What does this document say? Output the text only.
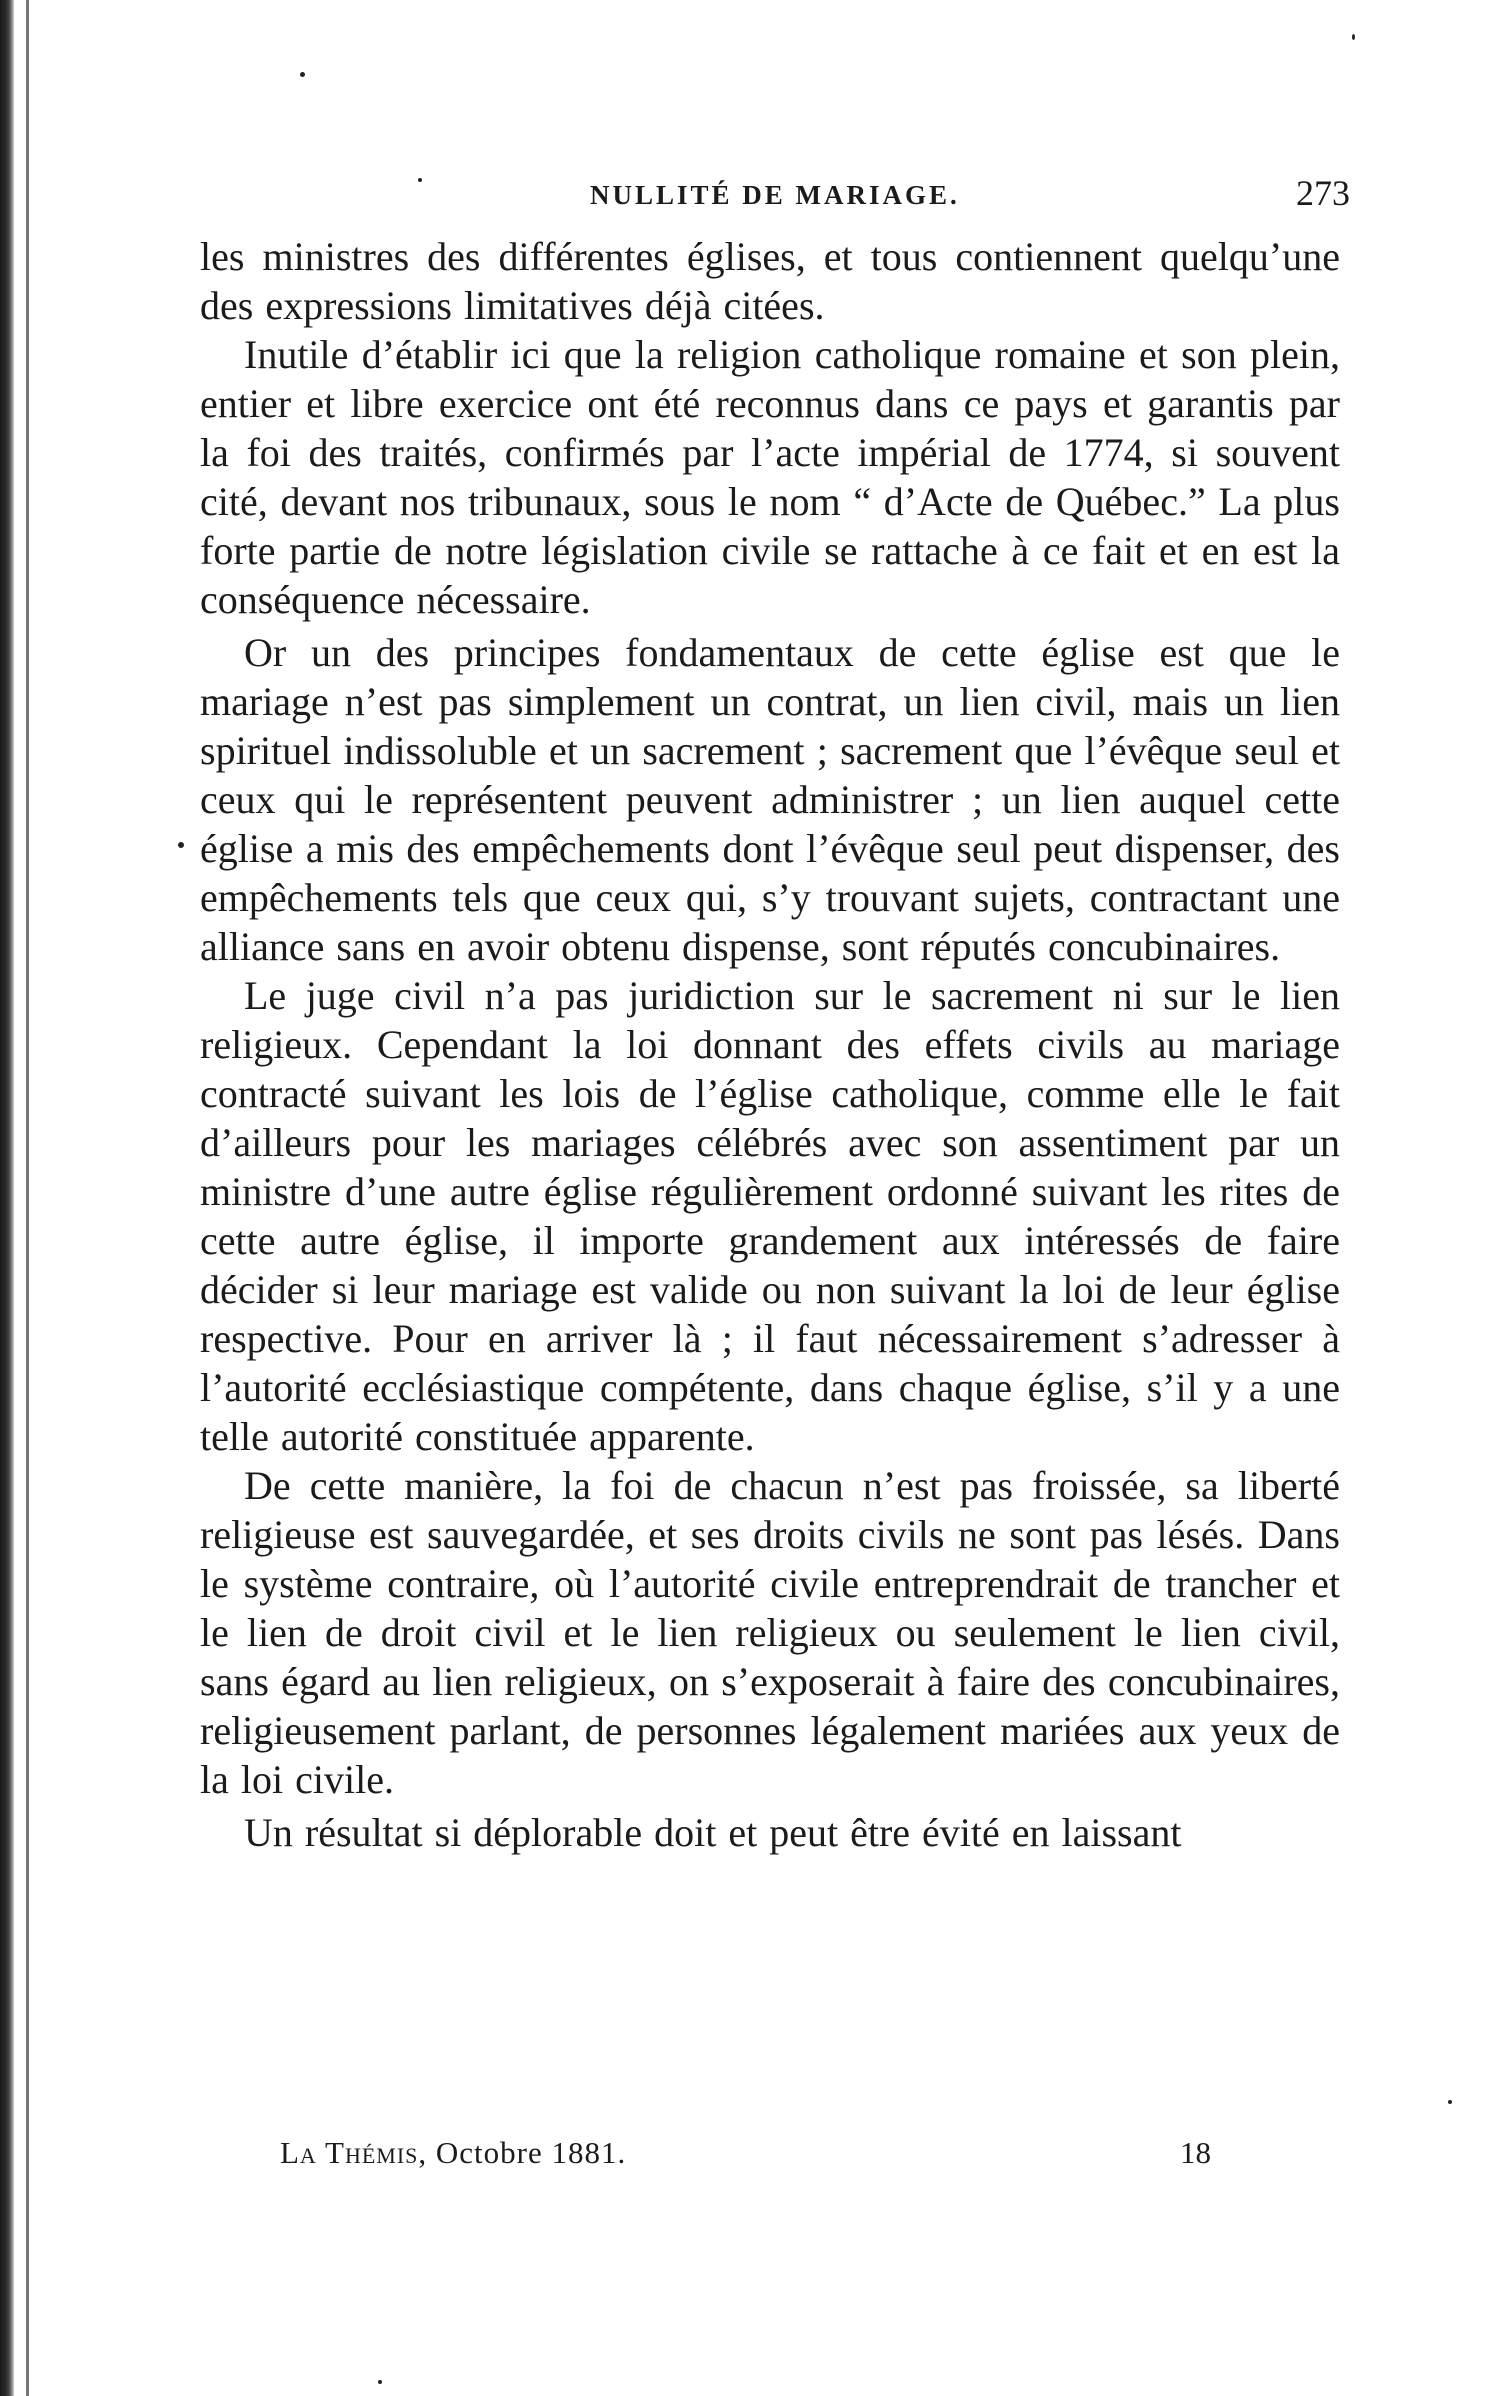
NULLITÉ DE MARIAGE.	273

les ministres des différentes églises, et tous contiennent quelqu’une des expressions limitatives déjà citées.

Inutile d’établir ici que la religion catholique romaine et son plein, entier et libre exercice ont été reconnus dans ce pays et garantis par la foi des traités, confirmés par l’acte impérial de 1774, si souvent cité, devant nos tribunaux, sous le nom “ d’Acte de Québec.” La plus forte partie de notre législation civile se rattache à ce fait et en est la conséquence nécessaire.

Or un des principes fondamentaux de cette église est que le mariage n’est pas simplement un contrat, un lien civil, mais un lien spirituel indissoluble et un sacrement ; sacrement que l’évêque seul et ceux qui le représentent peuvent administrer ; un lien auquel cette église a mis des empêchements dont l’évêque seul peut dispenser, des empêchements tels que ceux qui, s’y trouvant sujets, contractant une alliance sans en avoir obtenu dispense, sont réputés concubinaires.

Le juge civil n’a pas juridiction sur le sacrement ni sur le lien religieux. Cependant la loi donnant des effets civils au mariage contracté suivant les lois de l’église catholique, comme elle le fait d’ailleurs pour les mariages célébrés avec son assentiment par un ministre d’une autre église régulièrement ordonné suivant les rites de cette autre église, il importe grandement aux intéressés de faire décider si leur mariage est valide ou non suivant la loi de leur église respective. Pour en arriver là ; il faut nécessairement s’adresser à l’autorité ecclésiastique compétente, dans chaque église, s’il y a une telle autorité constituée apparente.

De cette manière, la foi de chacun n’est pas froissée, sa liberté religieuse est sauvegardée, et ses droits civils ne sont pas lésés. Dans le système contraire, où l’autorité civile entreprendrait de trancher et le lien de droit civil et le lien religieux ou seulement le lien civil, sans égard au lien religieux, on s’exposerait à faire des concubinaires, religieusement parlant, de personnes légalement mariées aux yeux de la loi civile.

Un résultat si déplorable doit et peut être évité en laissant

La Thémis, Octobre 1881.	18
